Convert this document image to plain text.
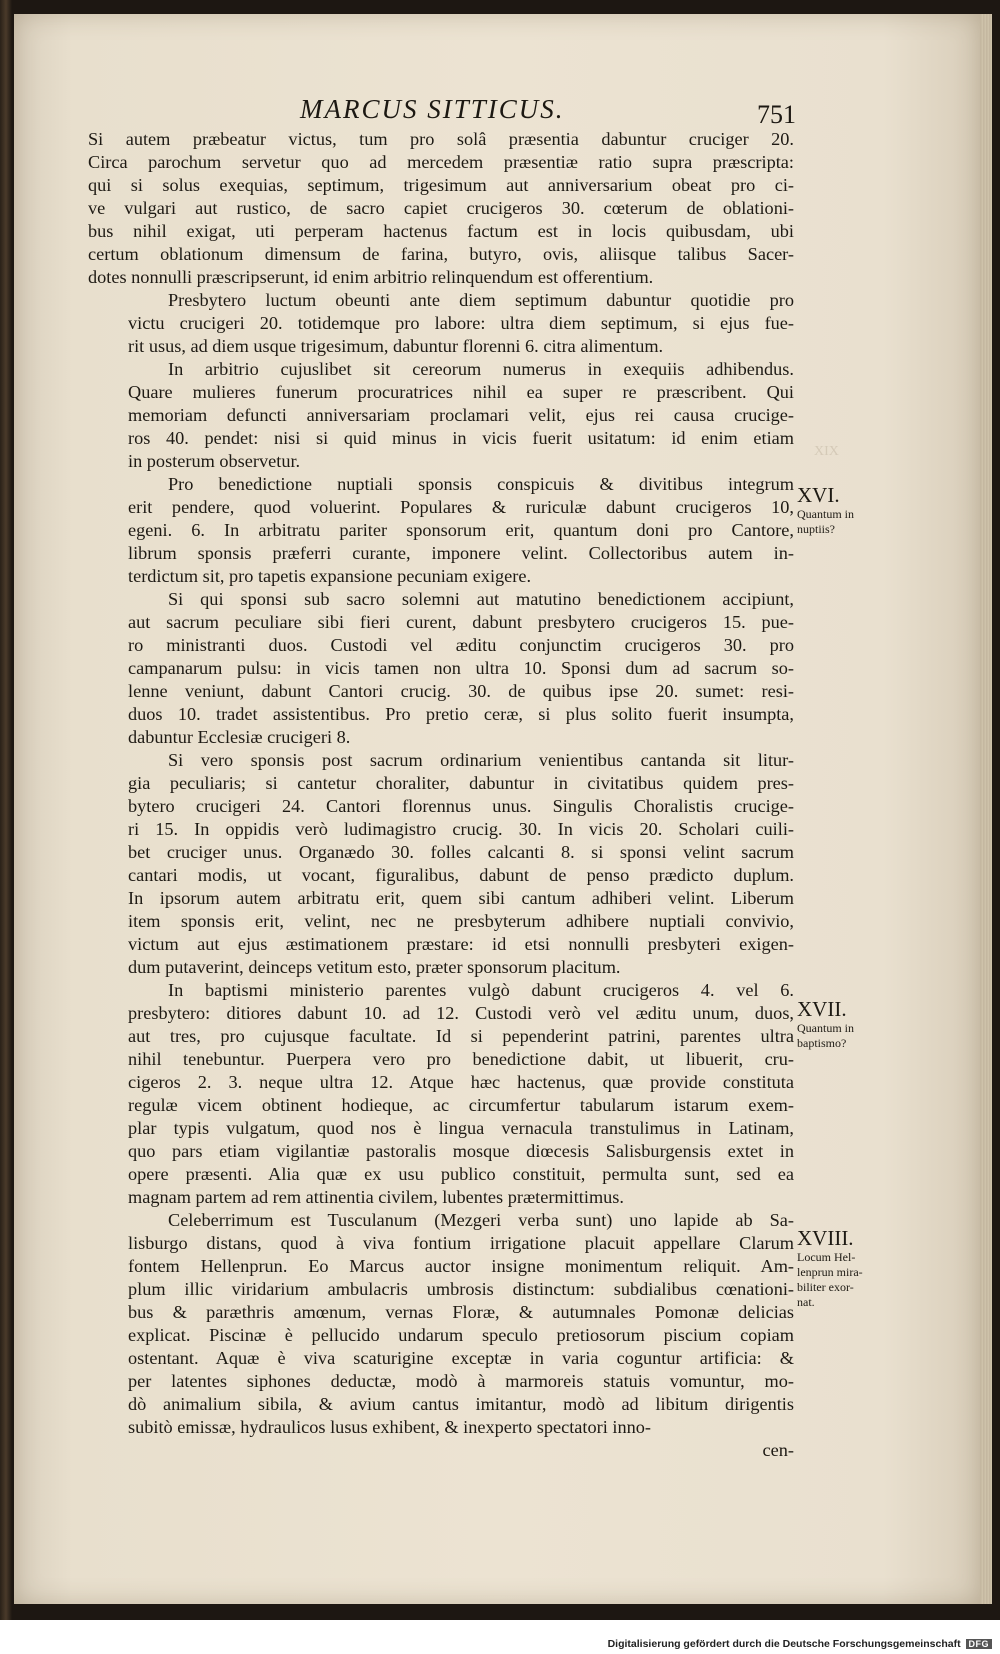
XIX
MARCUS SITTICUS.	751
Si autem præbeatur victus, tum pro solâ præsentia dabuntur cruciger 20.
Circa parochum servetur quo ad mercedem præsentiæ ratio supra præscripta:
qui si solus exequias, septimum, trigesimum aut anniversarium obeat pro ci-
ve vulgari aut rustico, de sacro capiet crucigeros 30. cœterum de oblationi-
bus nihil exigat, uti perperam hactenus factum est in locis quibusdam, ubi
certum oblationum dimensum de farina, butyro, ovis, aliisque talibus Sacer-
dotes nonnulli præscripserunt, id enim arbitrio relinquendum est offerentium.
Presbytero luctum obeunti ante diem septimum dabuntur quotidie pro
victu crucigeri 20. totidemque pro labore: ultra diem septimum, si ejus fue-
rit usus, ad diem usque trigesimum, dabuntur florenni 6. citra alimentum.
In arbitrio cujuslibet sit cereorum numerus in exequiis adhibendus.
Quare mulieres funerum procuratrices nihil ea super re præscribent. Qui
memoriam defuncti anniversariam proclamari velit, ejus rei causa crucige-
ros 40. pendet: nisi si quid minus in vicis fuerit usitatum: id enim etiam
in posterum observetur.
Pro benedictione nuptiali sponsis conspicuis & divitibus integrum
erit pendere, quod voluerint. Populares & ruriculæ dabunt crucigeros 10,
egeni. 6. In arbitratu pariter sponsorum erit, quantum doni pro Cantore,
librum sponsis præferri curante, imponere velint. Collectoribus autem in-
terdictum sit, pro tapetis expansione pecuniam exigere.
Si qui sponsi sub sacro solemni aut matutino benedictionem accipiunt,
aut sacrum peculiare sibi fieri curent, dabunt presbytero crucigeros 15. pue-
ro ministranti duos. Custodi vel æditu conjunctim crucigeros 30. pro
campanarum pulsu: in vicis tamen non ultra 10. Sponsi dum ad sacrum so-
lenne veniunt, dabunt Cantori crucig. 30. de quibus ipse 20. sumet: resi-
duos 10. tradet assistentibus. Pro pretio ceræ, si plus solito fuerit insumpta,
dabuntur Ecclesiæ crucigeri 8.
Si vero sponsis post sacrum ordinarium venientibus cantanda sit litur-
gia peculiaris; si cantetur choraliter, dabuntur in civitatibus quidem pres-
bytero crucigeri 24. Cantori florennus unus. Singulis Choralistis crucige-
ri 15. In oppidis verò ludimagistro crucig. 30. In vicis 20. Scholari cuili-
bet cruciger unus. Organædo 30. folles calcanti 8. si sponsi velint sacrum
cantari modis, ut vocant, figuralibus, dabunt de penso prædicto duplum.
In ipsorum autem arbitratu erit, quem sibi cantum adhiberi velint. Liberum
item sponsis erit, velint, nec ne presbyterum adhibere nuptiali convivio,
victum aut ejus æstimationem præstare: id etsi nonnulli presbyteri exigen-
dum putaverint, deinceps vetitum esto, præter sponsorum placitum.
In baptismi ministerio parentes vulgò dabunt crucigeros 4. vel 6.
presbytero: ditiores dabunt 10. ad 12. Custodi verò vel æditu unum, duos,
aut tres, pro cujusque facultate. Id si pependerint patrini, parentes ultra
nihil tenebuntur. Puerpera vero pro benedictione dabit, ut libuerit, cru-
cigeros 2. 3. neque ultra 12. Atque hæc hactenus, quæ provide constituta
regulæ vicem obtinent hodieque, ac circumfertur tabularum istarum exem-
plar typis vulgatum, quod nos è lingua vernacula transtulimus in Latinam,
quo pars etiam vigilantiæ pastoralis mosque diœcesis Salisburgensis extet in
opere præsenti. Alia quæ ex usu publico constituit, permulta sunt, sed ea
magnam partem ad rem attinentia civilem, lubentes prætermittimus.
Celeberrimum est Tusculanum (Mezgeri verba sunt) uno lapide ab Sa-
lisburgo distans, quod à viva fontium irrigatione placuit appellare Clarum
fontem Hellenprun. Eo Marcus auctor insigne monimentum reliquit. Am-
plum illic viridarium ambulacris umbrosis distinctum: subdialibus cœnationi-
bus & paræthris amœnum, vernas Floræ, & autumnales Pomonæ delicias
explicat. Piscinæ è pellucido undarum speculo pretiosorum piscium copiam
ostentant. Aquæ è viva scaturigine exceptæ in varia coguntur artificia: &
per latentes siphones deductæ, modò à marmoreis statuis vomuntur, mo-
dò animalium sibila, & avium cantus imitantur, modò ad libitum dirigentis
subitò emissæ, hydraulicos lusus exhibent, & inexperto spectatori inno-
cen-
XVI.
Quantum in
nuptiis?
XVII.
Quantum in
baptismo?
XVIII.
Locum Hel-
lenprun mira-
biliter exor-
nat.
Digitalisierung gefördert durch die Deutsche Forschungsgemeinschaft DFG
